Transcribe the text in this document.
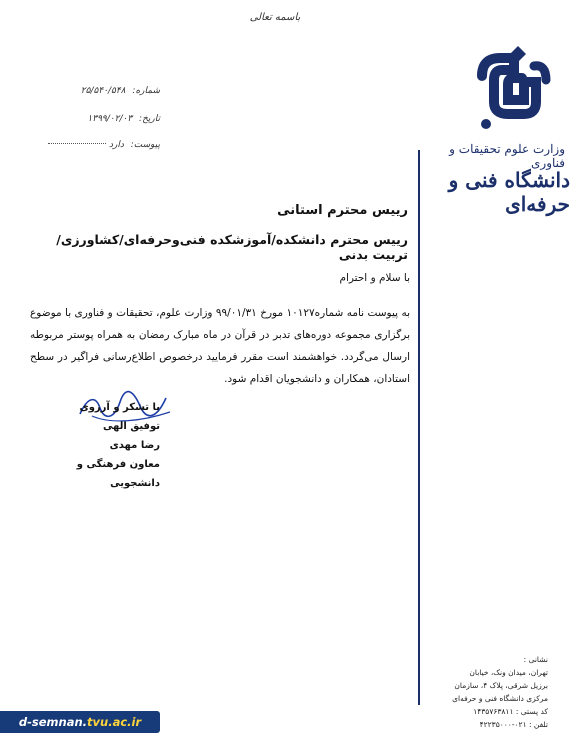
باسمه تعالی
شماره: ۲۵/۵۴۰/۵۴۸
تاریخ: ۱۳۹۹/۰۲/۰۳
پیوست: دارد	وزارت علوم تحقیقات و فناوری
دانشگاه فنی و حرفه‌ای
رییس محترم استانی
رییس محترم دانشکده/آموزشکده فنی‌وحرفه‌ای/کشاورزی/تربیت بدنی
با سلام و احترام
به پیوست نامه شماره۱۰۱۲۷ مورخ ۹۹/۰۱/۳۱ وزارت علوم، تحقیقات و فناوری با موضوع برگزاری مجموعه دوره‌های تدبر در قرآن در ماه مبارک رمضان به همراه پوستر مربوطه ارسال می‌گردد. خواهشمند است مقرر فرمایید درخصوص اطلاع‌رسانی فراگیر در سطح استادان، همکاران و دانشجویان اقدام شود.
با تشکر و آرزوی توفیق الهی
رضا مهدی
معاون فرهنگی و دانشجویی
نشانی :
تهران، میدان ونک، خیابان
برزیل شرقی، پلاک ۴، سازمان
مرکزی دانشگاه فنی و حرفه‌ای
کد پستی : ۱۴۳۵۷۶۳۸۱۱
تلفن : ۰۲۱-۴۲۲۳۵۰۰۰
d-semnan. tvu.ac.ir
